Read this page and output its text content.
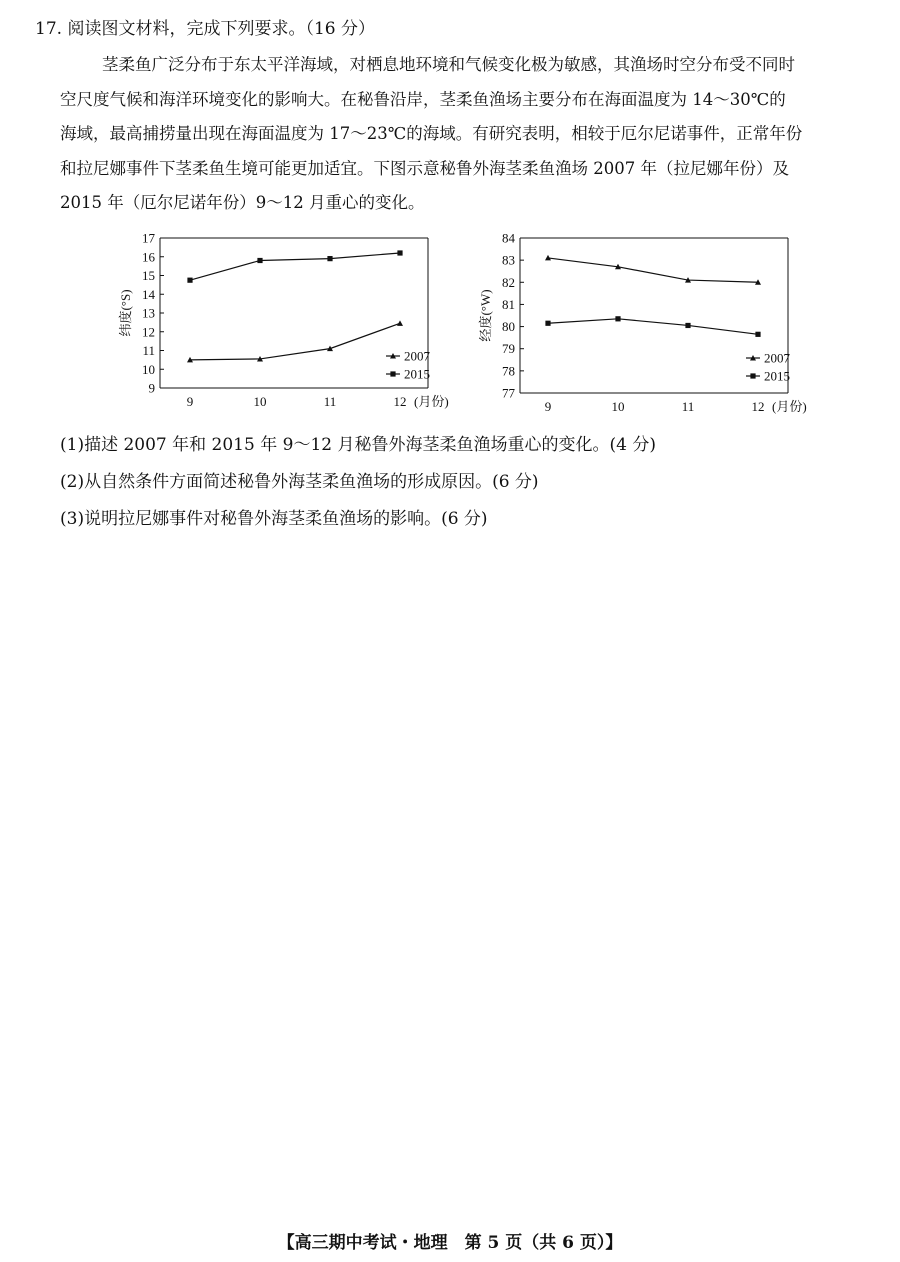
17. 阅读图文材料，完成下列要求。（16 分）
茎柔鱼广泛分布于东太平洋海域，对栖息地环境和气候变化极为敏感，其渔场时空分布受不同时
空尺度气候和海洋环境变化的影响大。在秘鲁沿岸，茎柔鱼渔场主要分布在海面温度为 14～30℃的
海域，最高捕捞量出现在海面温度为 17～23℃的海域。有研究表明，相较于厄尔尼诺事件，正常年份
和拉尼娜事件下茎柔鱼生境可能更加适宜。下图示意秘鲁外海茎柔鱼渔场 2007 年（拉尼娜年份）及
2015 年（厄尔尼诺年份）9～12 月重心的变化。
9
10
11
12
13
14
15
16
17
9	10	11	12 (月份)
纬度(°S)
2007
2015
77
78
79
80
81
82
83
84
9	10	11	12 (月份)
经度(°W)
2007
2015
(1)描述 2007 年和 2015 年 9～12 月秘鲁外海茎柔鱼渔场重心的变化。(4 分)
(2)从自然条件方面简述秘鲁外海茎柔鱼渔场的形成原因。(6 分)
(3)说明拉尼娜事件对秘鲁外海茎柔鱼渔场的影响。(6 分)
【高三期中考试・地理　第 5 页（共 6 页）】
